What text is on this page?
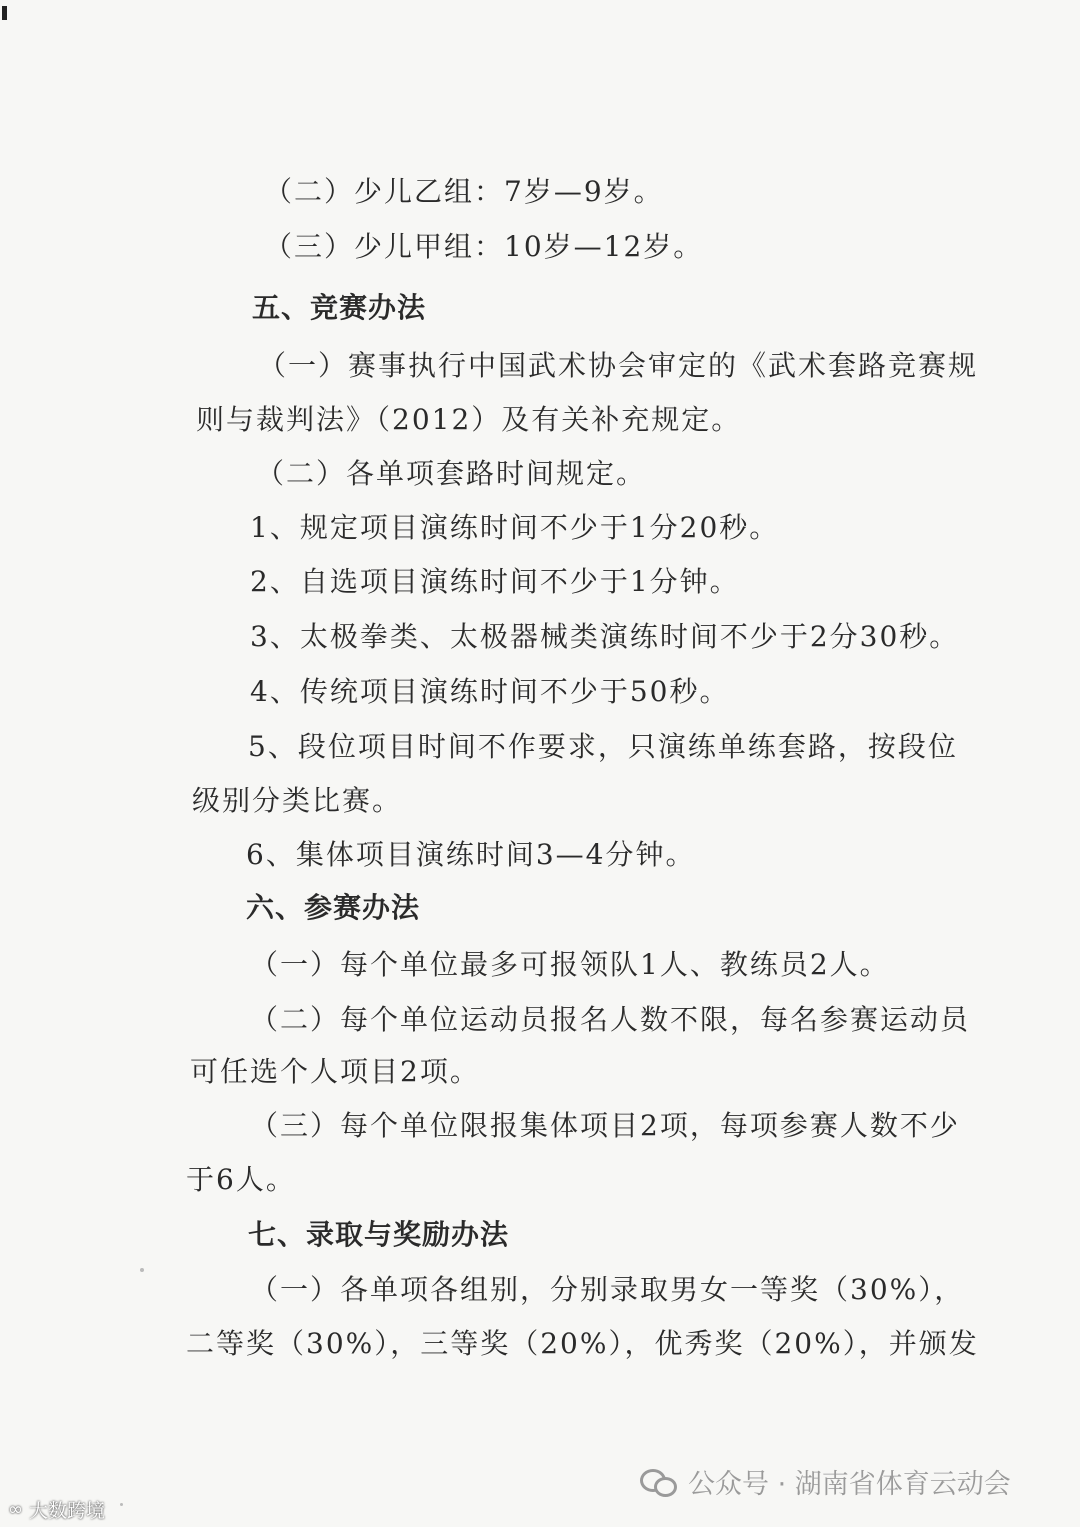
（二）少儿乙组：7岁—9岁。
（三）少儿甲组：10岁—12岁。
五、竞赛办法
（一）赛事执行中国武术协会审定的《武术套路竞赛规
则与裁判法》（2012）及有关补充规定。
（二）各单项套路时间规定。
1、规定项目演练时间不少于1分20秒。
2、自选项目演练时间不少于1分钟。
3、太极拳类、太极器械类演练时间不少于2分30秒。
4、传统项目演练时间不少于50秒。
5、段位项目时间不作要求，只演练单练套路，按段位
级别分类比赛。
6、集体项目演练时间3—4分钟。
六、参赛办法
（一）每个单位最多可报领队1人、教练员2人。
（二）每个单位运动员报名人数不限，每名参赛运动员
可任选个人项目2项。
（三）每个单位限报集体项目2项，每项参赛人数不少
于6人。
七、录取与奖励办法
（一）各单项各组别，分别录取男女一等奖（30%），
二等奖（30%），三等奖（20%），优秀奖（20%），并颁发
公众号 · 湖南省体育云动会
∞ 大数跨境
